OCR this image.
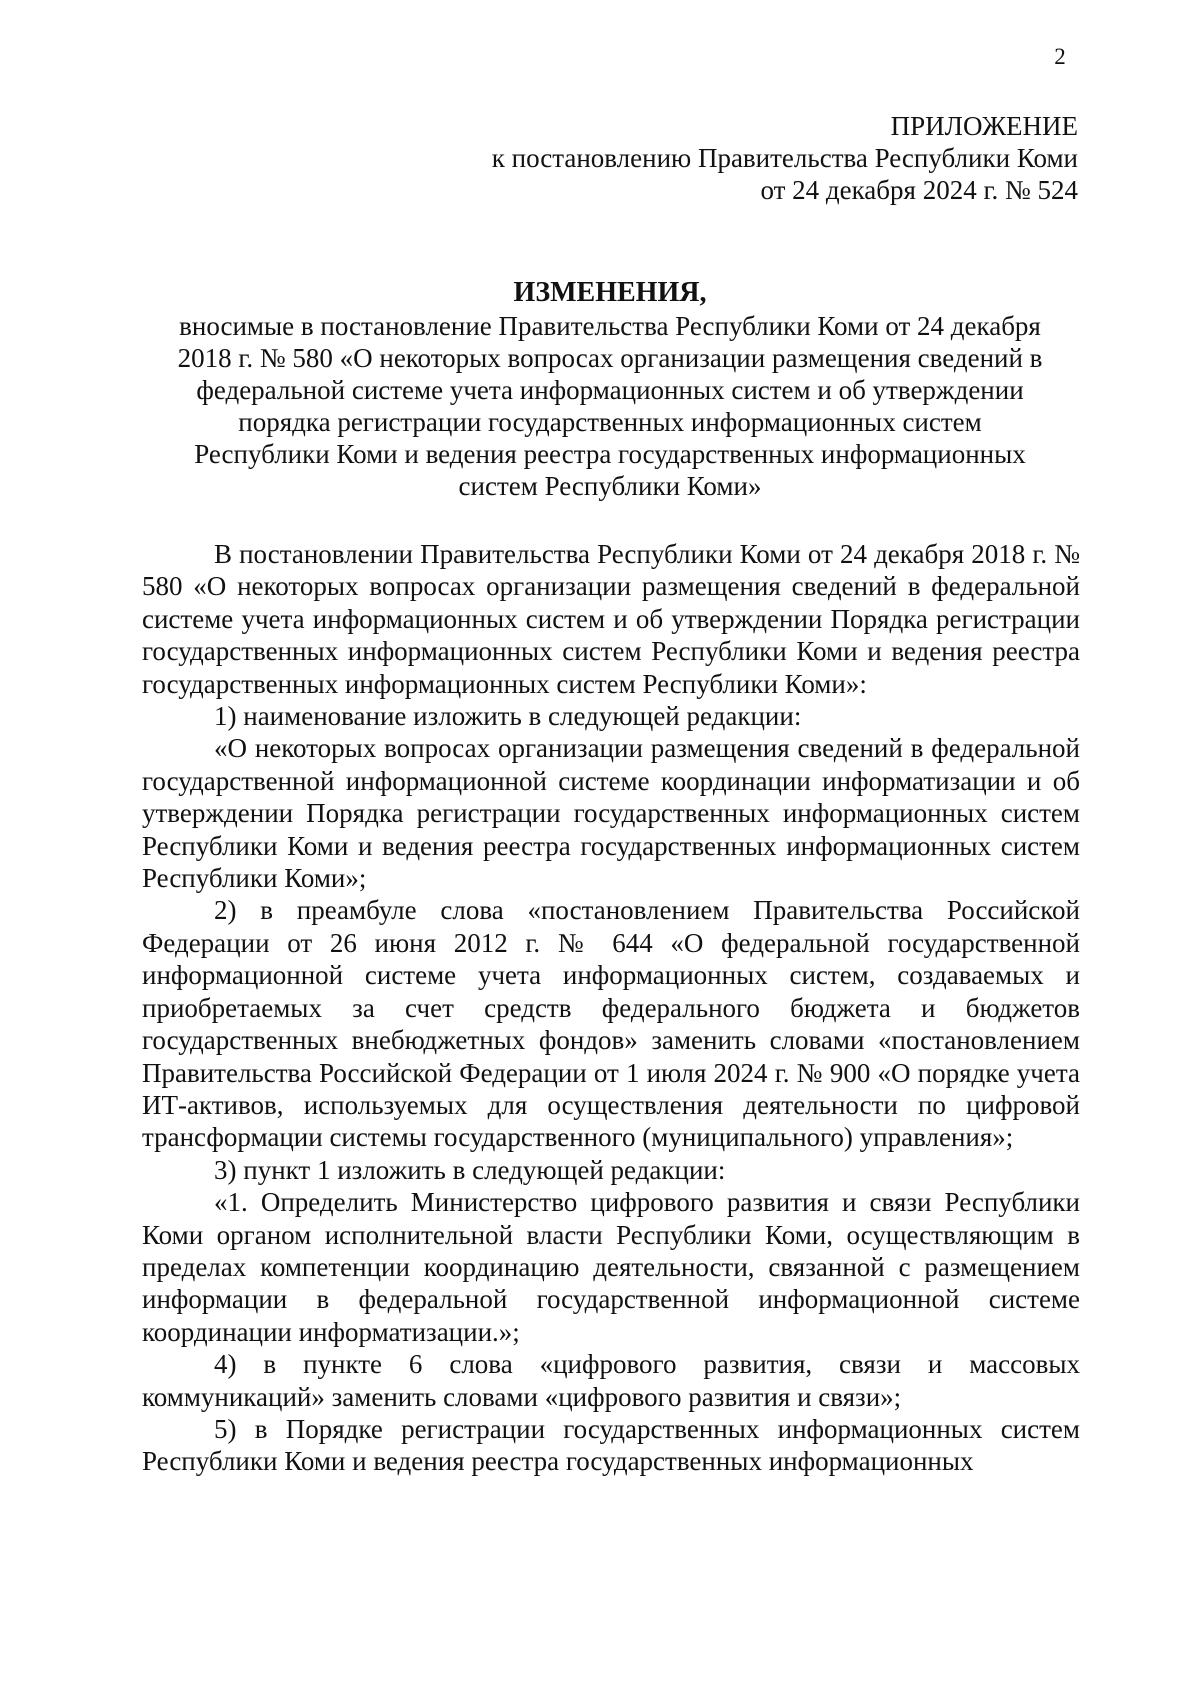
2
ПРИЛОЖЕНИЕ
к постановлению Правительства Республики Коми
от 24 декабря 2024 г. № 524
ИЗМЕНЕНИЯ,
вносимые в постановление Правительства Республики Коми от 24 декабря
2018 г. № 580 «О некоторых вопросах организации размещения сведений в
федеральной системе учета информационных систем и об утверждении
порядка регистрации государственных информационных систем
Республики Коми и ведения реестра государственных информационных
систем Республики Коми»

В постановлении Правительства Республики Коми от 24 декабря 2018 г. № 580 «О некоторых вопросах организации размещения сведений в федеральной системе учета информационных систем и об утверждении Порядка регистрации государственных информационных систем Республики Коми и ведения реестра государственных информационных систем Республики Коми»:

1) наименование изложить в следующей редакции:

«О некоторых вопросах организации размещения сведений в федеральной государственной информационной системе координации информатизации и об утверждении Порядка регистрации государственных информационных систем Республики Коми и ведения реестра государственных информационных систем Республики Коми»;

2) в преамбуле слова «постановлением Правительства Российской Федерации от 26 июня 2012 г. № 644 «О федеральной государственной информационной системе учета информационных систем, создаваемых и приобретаемых за счет средств федерального бюджета и бюджетов государственных внебюджетных фондов» заменить словами «постановлением Правительства Российской Федерации от 1 июля 2024 г. № 900 «О порядке учета ИТ-активов, используемых для осуществления деятельности по цифровой трансформации системы государственного (муниципального) управления»;

3) пункт 1 изложить в следующей редакции:

«1. Определить Министерство цифрового развития и связи Республики Коми органом исполнительной власти Республики Коми, осуществляющим в пределах компетенции координацию деятельности, связанной с размещением информации в федеральной государственной информационной системе координации информатизации.»;

4) в пункте 6 слова «цифрового развития, связи и массовых коммуникаций» заменить словами «цифрового развития и связи»;

5) в Порядке регистрации государственных информационных систем Республики Коми и ведения реестра государственных информационных
